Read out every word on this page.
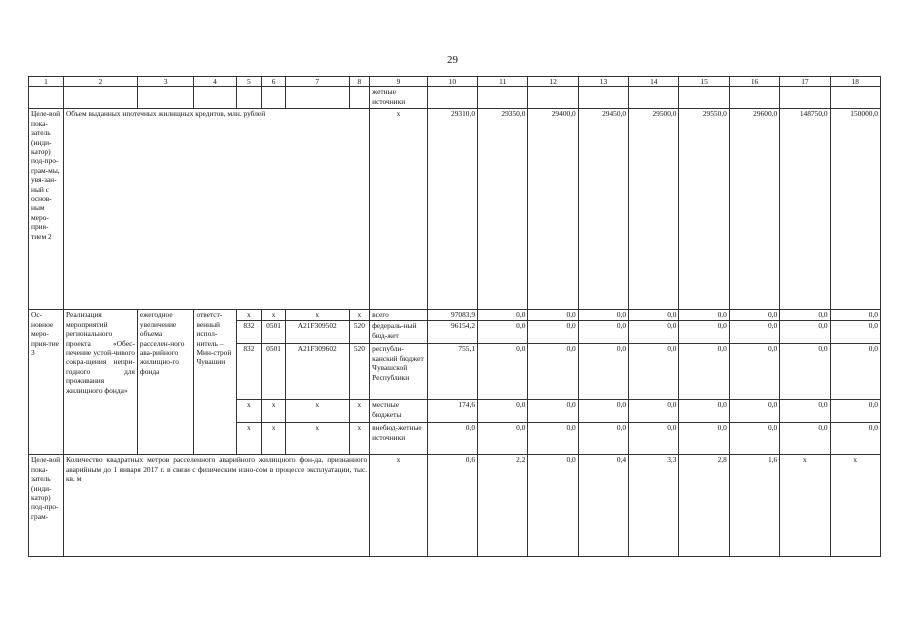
29
1	2	3	4	5	6	7	8	9	10	11	12	13	14	15	16	17	18
								жетные источники									
Целе-вой пока-затель (инди-катор) под-про-грам-мы, увя-зан-ный с основ-ным меро-прия-тием 2	Объем выданных ипотечных жилищных кредитов, млн. рублей							x	29310,0	29350,0	29400,0	29450,0	29500,0	29550,0	29600,0	148750,0	150000,0
Ос-новное меро-прия-тие 3	Реализация мероприятий регионального проекта «Обес-печение устой-чивого сокра-щения непри-годного для проживания жилищного фонда»	ежегодное увеличение объема расселен-ного ава-рийного жилищно-го фонда	ответст-венный испол-нитель – Мин-строй Чувашии	x	x	x	x	всего	97083,9	0,0	0,0	0,0	0,0	0,0	0,0	0,0	0,0
				832	0501	A21F309502	520	федераль-ный бюд-жет	96154,2	0,0	0,0	0,0	0,0	0,0	0,0	0,0	0,0
				832	0501	A21F309602	520	республи-канский бюджет Чувашской Республики	755,1	0,0	0,0	0,0	0,0	0,0	0,0	0,0	0,0
				x	x	x	x	местные бюджеты	174,6	0,0	0,0	0,0	0,0	0,0	0,0	0,0	0,0
				x	x	x	x	внебюд-жетные источники	0,0	0,0	0,0	0,0	0,0	0,0	0,0	0,0	0,0
Целе-вой пока-затель (инди-катор) под-про-грам-	Количество квадратных метров расселенного аварийного жилищного фон-да, признанного аварийным до 1 января 2017 г. в связи с физическим изно-сом в процессе эксплуатации, тыс. кв. м							x	0,6	2,2	0,0	0,4	3,3	2,8	1,6	x	x
